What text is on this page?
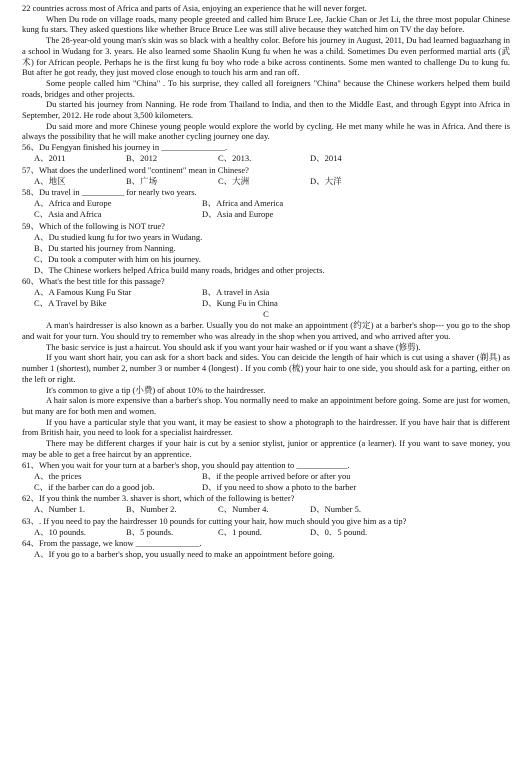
22 countries across most of Africa and parts of Asia, enjoying an experience that he will never forget.

When Du rode on village roads, many people greeted and called him Bruce Lee, Jackie Chan or Jet Li, the three most popular Chinese kung fu stars. They asked questions like whether Bruce Bruce Lee was still alive because they watched him on TV the day before.

The 28-year-old young man's skin was so black with a healthy color. Before his journey in August, 2011, Du had learned baguazhang in a school in Wudang for 3. years. He also learned some Shaolin Kung fu when he was a child. Sometimes Du even performed martial arts (武术) for African people. Perhaps he is the first kung fu boy who rode a bike across continents. Some men wanted to challenge Du to kung fu. But after he got ready, they just moved close enough to touch his arm and ran off.

Some people called him "China" . To his surprise, they called all foreigners "China" because the Chinese workers helped them build roads, bridges and other projects.

Du started his journey from Nanning. He rode from Thailand to India, and then to the Middle East, and through Egypt into Africa in September, 2012. He rode about 3,500 kilometers.

Du said more and more Chinese young people would explore the world by cycling. He met many while he was in Africa. And there is always the possibility that he will make another cycling journey one day.

56、Du Fengyan finished his journey in _______________.

A、2011	B、2012	C、2013.	D、2014

57、What does the underlined word "continent" mean in Chinese?

A、地区	B、广场	C、大洲	D、大洋

58、Du travel in __________ for nearly two years.

A、Africa and Europe	B、Africa and America
C、Asia and Africa	D、Asia and Europe

59、Which of the following is NOT true?

A、Du studied kung fu for two years in Wudang.

B、Du started his journey from Nanning.

C、Du took a computer with him on his journey.

D、The Chinese workers helped Africa build many roads, bridges and other projects.

60、What's the best title for this passage?

A、A Famous Kung Fu Star	B、A travel in Asia
C、A Travel by Bike	D、Kung Fu in China

C

A man's hairdresser is also known as a barber. Usually you do not make an appointment (约定) at a barber's shop--- you go to the shop and wait for your turn. You should try to remember who was already in the shop when you arrived, and who arrived after you.

The basic service is just a haircut. You should ask if you want your hair washed or if you want a shave (修剪).

If you want short hair, you can ask for a short back and sides. You can deicide the length of hair which is cut using a shaver (剃具) as number 1 (shortest), number 2, number 3 or number 4 (longest) . If you comb (梳) your hair to one side, you should ask for a parting, either on the left or right.

It's common to give a tip (小费) of about 10% to the hairdresser.

A hair salon is more expensive than a barber's shop. You normally need to make an appointment before going. Some are just for women, but many are for both men and women.

If you have a particular style that you want, it may be easiest to show a photograph to the hairdresser. If you have hair that is different from British hair, you need to look for a specialist hairdresser.

There may be different charges if your hair is cut by a senior stylist, junior or apprentice (a learner). If you want to save money, you may be able to get a free haircut by an apprentice.

61、When you wait for your turn at a barber's shop, you should pay attention to ____________.

A、the prices	B、if the people arrived before or after you
C、if the barber can do a good job.	D、if you need to show a photo to the barber

62、If you think the number 3. shaver is short, which of the following is better?

A、Number 1.	B、Number 2.	C、Number 4.	D、Number 5.

63、. If you need to pay the hairdresser 10 pounds for cutting your hair, how much should you give him as a tip?

A、10 pounds.	B、5 pounds.	C、1 pound.	D、0．5 pound.

64、From the passage, we know _______________.

A、If you go to a barber's shop, you usually need to make an appointment before going.
